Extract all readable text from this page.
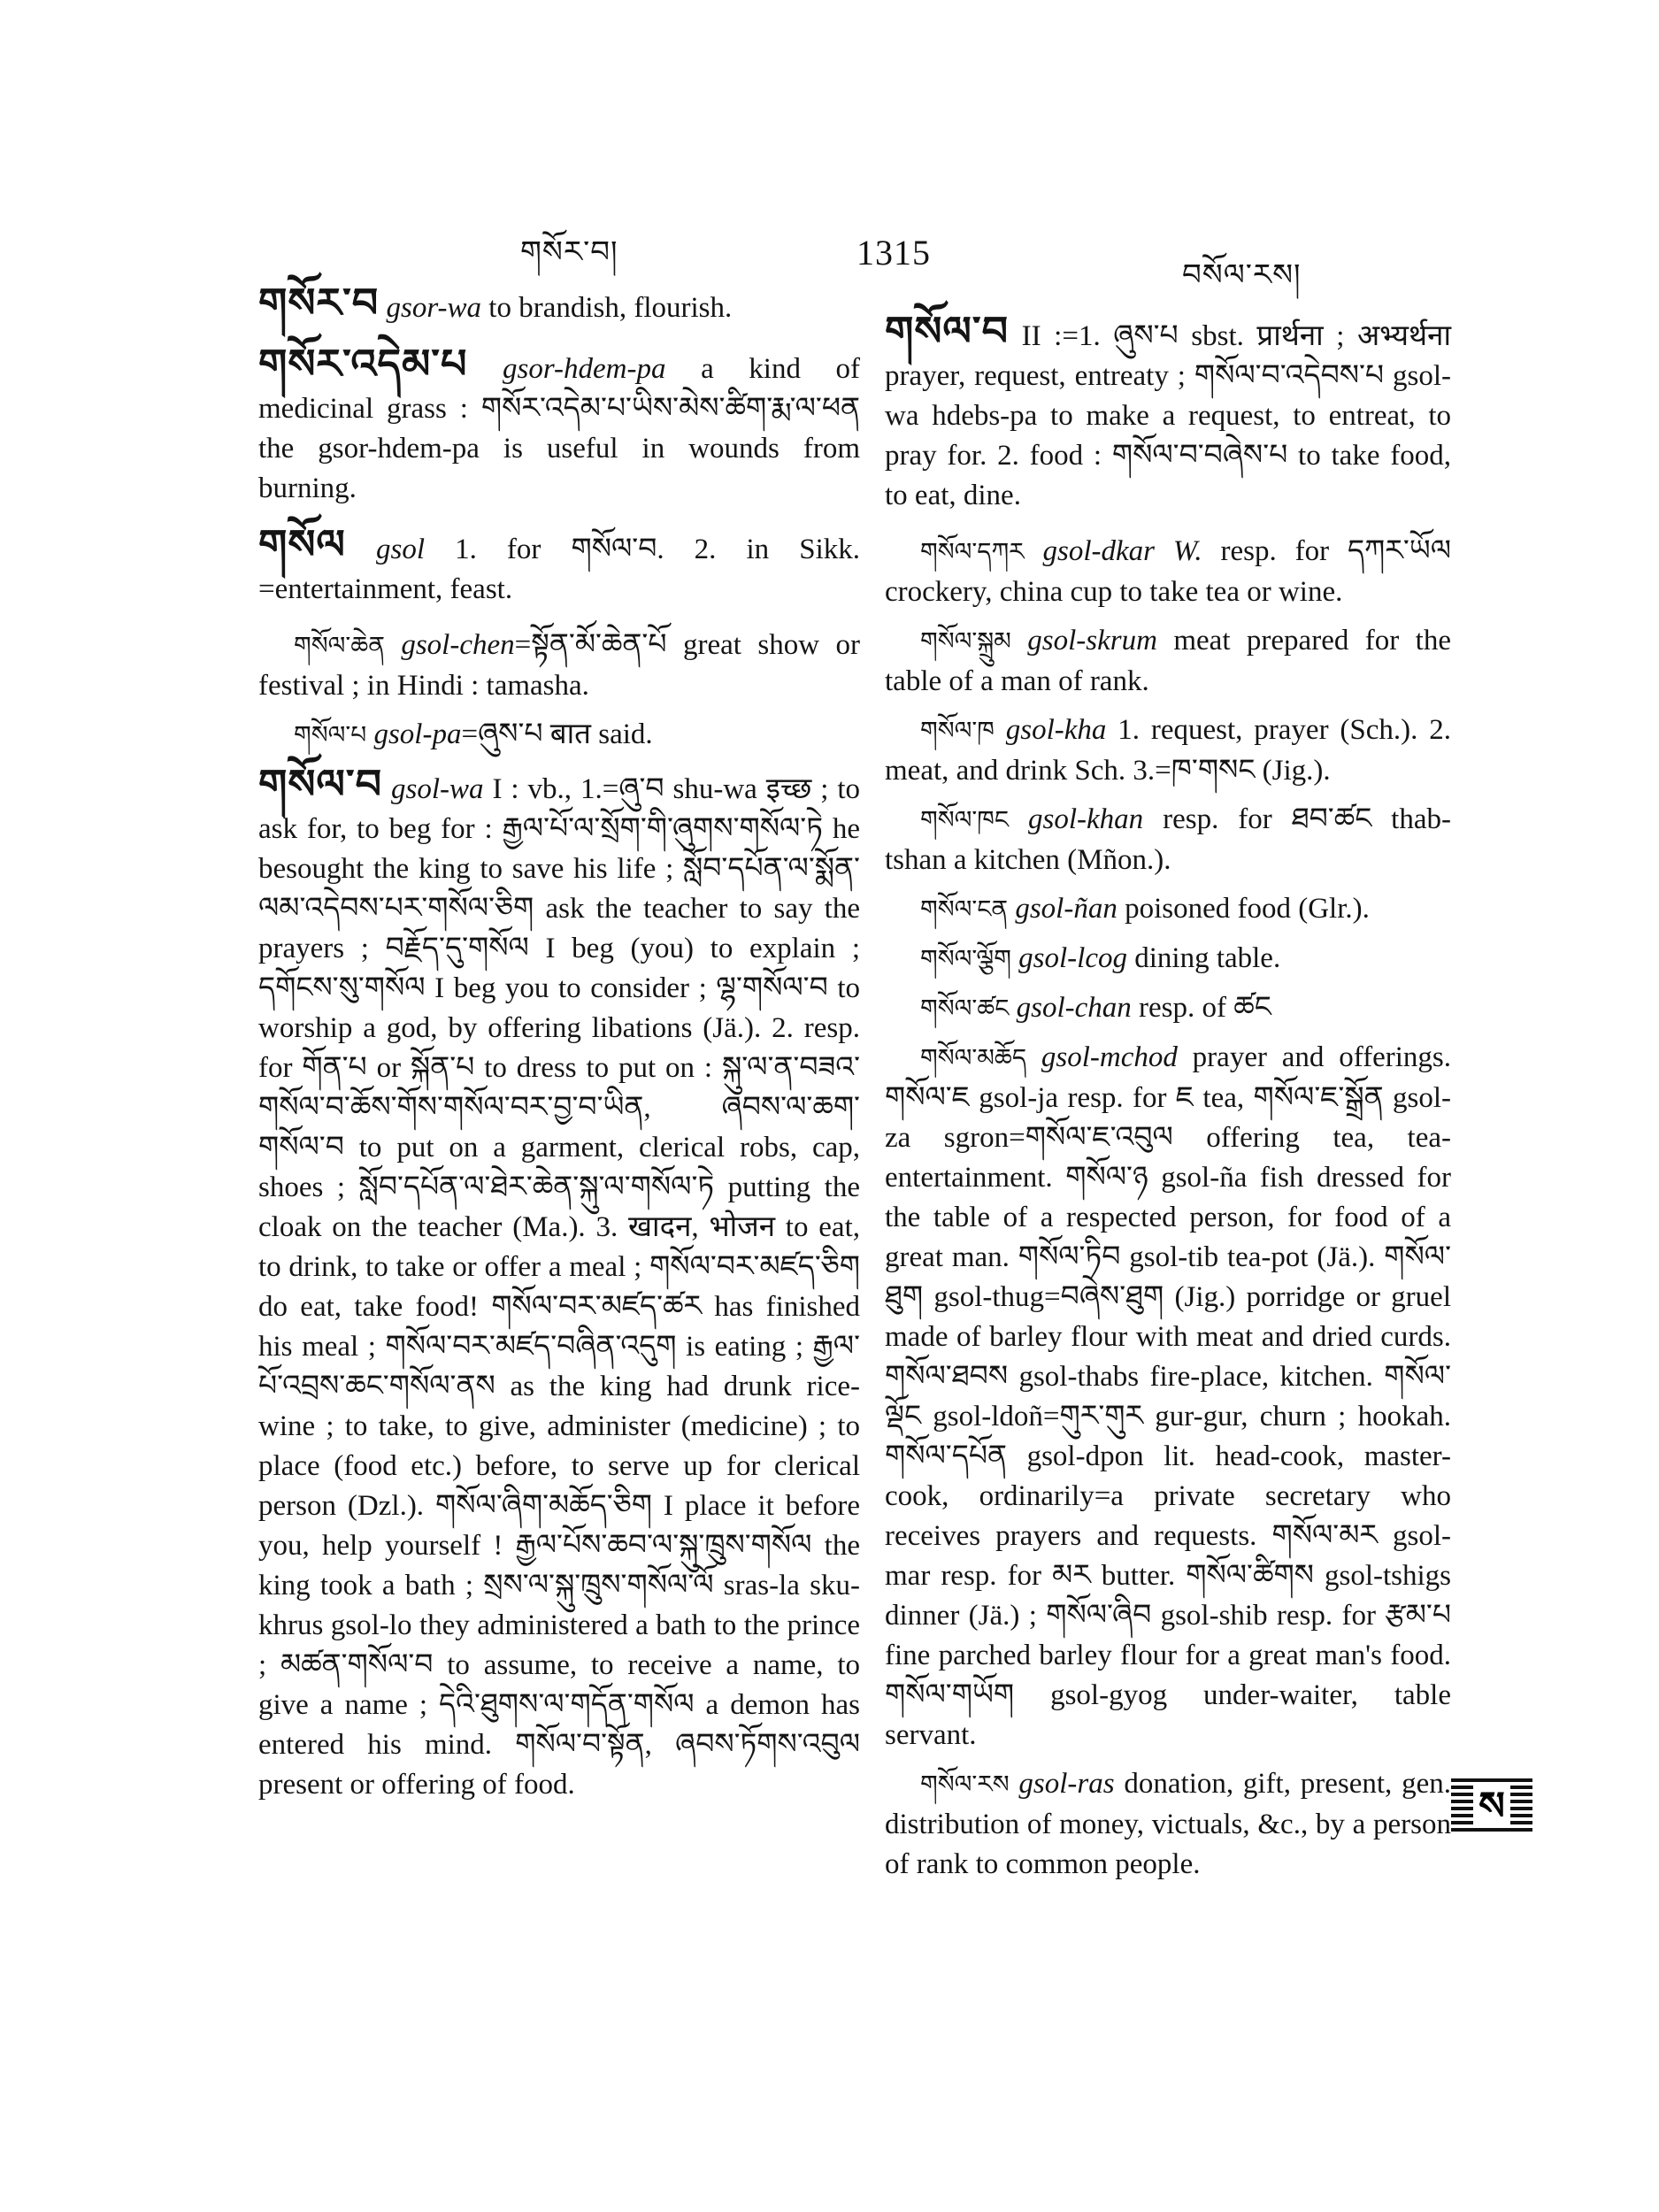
གསོར་བ།	1315
བསོལ་རས།

གསོར་བ gsor-wa to brandish, flourish.

གསོར་འདེམ་པ gsor-hdem-pa a kind of medicinal grass : གསོར་འདེམ་པ་ཡིས་མེས་ཚིག་རྨ་ལ་ཕན the gsor-hdem-pa is useful in wounds from burning.

གསོལ gsol 1. for གསོལ་བ. 2. in Sikk. =entertainment, feast.

གསོལ་ཆེན gsol-chen=སྟོན་མོ་ཆེན་པོ great show or festival ; in Hindi : tamasha.

གསོལ་པ gsol-pa=ཞུས་པ बात said.

གསོལ་བ gsol-wa I : vb., 1.=ཞུ་བ shu-wa इच्छ ; to ask for, to beg for : རྒྱལ་པོ་ལ་སྲོག་གི་ཞུགས་གསོལ་ཏེ he besought the king to save his life ; སློབ་དཔོན་ལ་སྨོན་ལམ་འདེབས་པར་གསོལ་ཅིག ask the teacher to say the prayers ; བརྗོད་དུ་གསོལ I beg (you) to explain ; དགོངས་སུ་གསོལ I beg you to consider ; ལྷ་གསོལ་བ to worship a god, by offering libations (Jä.). 2. resp. for གོན་པ or སྐོན་པ to dress to put on : སྐུ་ལ་ན་བཟའ་གསོལ་བ་ཆོས་གོས་གསོལ་བར་བྱ་བ་ཡིན, ཞབས་ལ་ཆག་གསོལ་བ to put on a garment, clerical robs, cap, shoes ; སློབ་དཔོན་ལ་ཐེར་ཆེན་སྐུ་ལ་གསོལ་ཏེ putting the cloak on the teacher (Ma.). 3. खादन, भोजन to eat, to drink, to take or offer a meal ; གསོལ་བར་མཛད་ཅིག do eat, take food! གསོལ་བར་མཛད་ཚར has finished his meal ; གསོལ་བར་མཛད་བཞིན་འདུག is eating ; རྒྱལ་པོ་འབྲས་ཆང་གསོལ་ནས as the king had drunk rice-wine ; to take, to give, administer (medicine) ; to place (food etc.) before, to serve up for clerical person (Dzl.). གསོལ་ཞིག་མཆོད་ཅིག I place it before you, help yourself ! རྒྱལ་པོས་ཆབ་ལ་སྐུ་ཁྲུས་གསོལ the king took a bath ; སྲས་ལ་སྐུ་ཁྲུས་གསོལ་ལོ sras-la sku-khrus gsol-lo they administered a bath to the prince ; མཚན་གསོལ་བ to assume, to receive a name, to give a name ; དེའི་ཐུགས་ལ་གདོན་གསོལ a demon has entered his mind. གསོལ་བ་སྟོན, ཞབས་ཏོགས་འབུལ present or offering of food.

གསོལ་བ II :=1. ཞུས་པ sbst. प्रार्थना ; अभ्यर्थना prayer, request, entreaty ; གསོལ་བ་འདེབས་པ gsol-wa hdebs-pa to make a request, to entreat, to pray for. 2. food : གསོལ་བ་བཞེས་པ to take food, to eat, dine.

གསོལ་དཀར gsol-dkar W. resp. for དཀར་ཡོལ crockery, china cup to take tea or wine.

གསོལ་སྐྲུམ gsol-skrum meat prepared for the table of a man of rank.

གསོལ་ཁ gsol-kha 1. request, prayer (Sch.). 2. meat, and drink Sch. 3.=ཁ་གསང (Jig.).

གསོལ་ཁང gsol-khan resp. for ཐབ་ཚང thab-tshan a kitchen (Mñon.).

གསོལ་ངན gsol-ñan poisoned food (Glr.).

གསོལ་ལྕོག gsol-lcog dining table.

གསོལ་ཚང gsol-chan resp. of ཚང

གསོལ་མཆོད gsol-mchod prayer and offerings. གསོལ་ཇ gsol-ja resp. for ཇ tea, གསོལ་ཇ་སྒྲོན gsol-za sgron=གསོལ་ཇ་འབུལ offering tea, tea-entertainment. གསོལ་ཉ gsol-ña fish dressed for the table of a respected person, for food of a great man. གསོལ་ཏིབ gsol-tib tea-pot (Jä.). གསོལ་ཐུག gsol-thug=བཞེས་ཐུག (Jig.) porridge or gruel made of barley flour with meat and dried curds. གསོལ་ཐབས gsol-thabs fire-place, kitchen. གསོལ་ལྡོང gsol-ldoñ=གུར་གུར gur-gur, churn ; hookah. གསོལ་དཔོན gsol-dpon lit. head-cook, master-cook, ordinarily=a private secretary who receives prayers and requests. གསོལ་མར gsol-mar resp. for མར butter. གསོལ་ཚིགས gsol-tshigs dinner (Jä.) ; གསོལ་ཞིབ gsol-shib resp. for རྩམ་པ fine parched barley flour for a great man's food. གསོལ་གཡོག gsol-gyog under-waiter, table servant.

གསོལ་རས gsol-ras donation, gift, present, gen. distribution of money, victuals, &c., by a person of rank to common people.

ས
